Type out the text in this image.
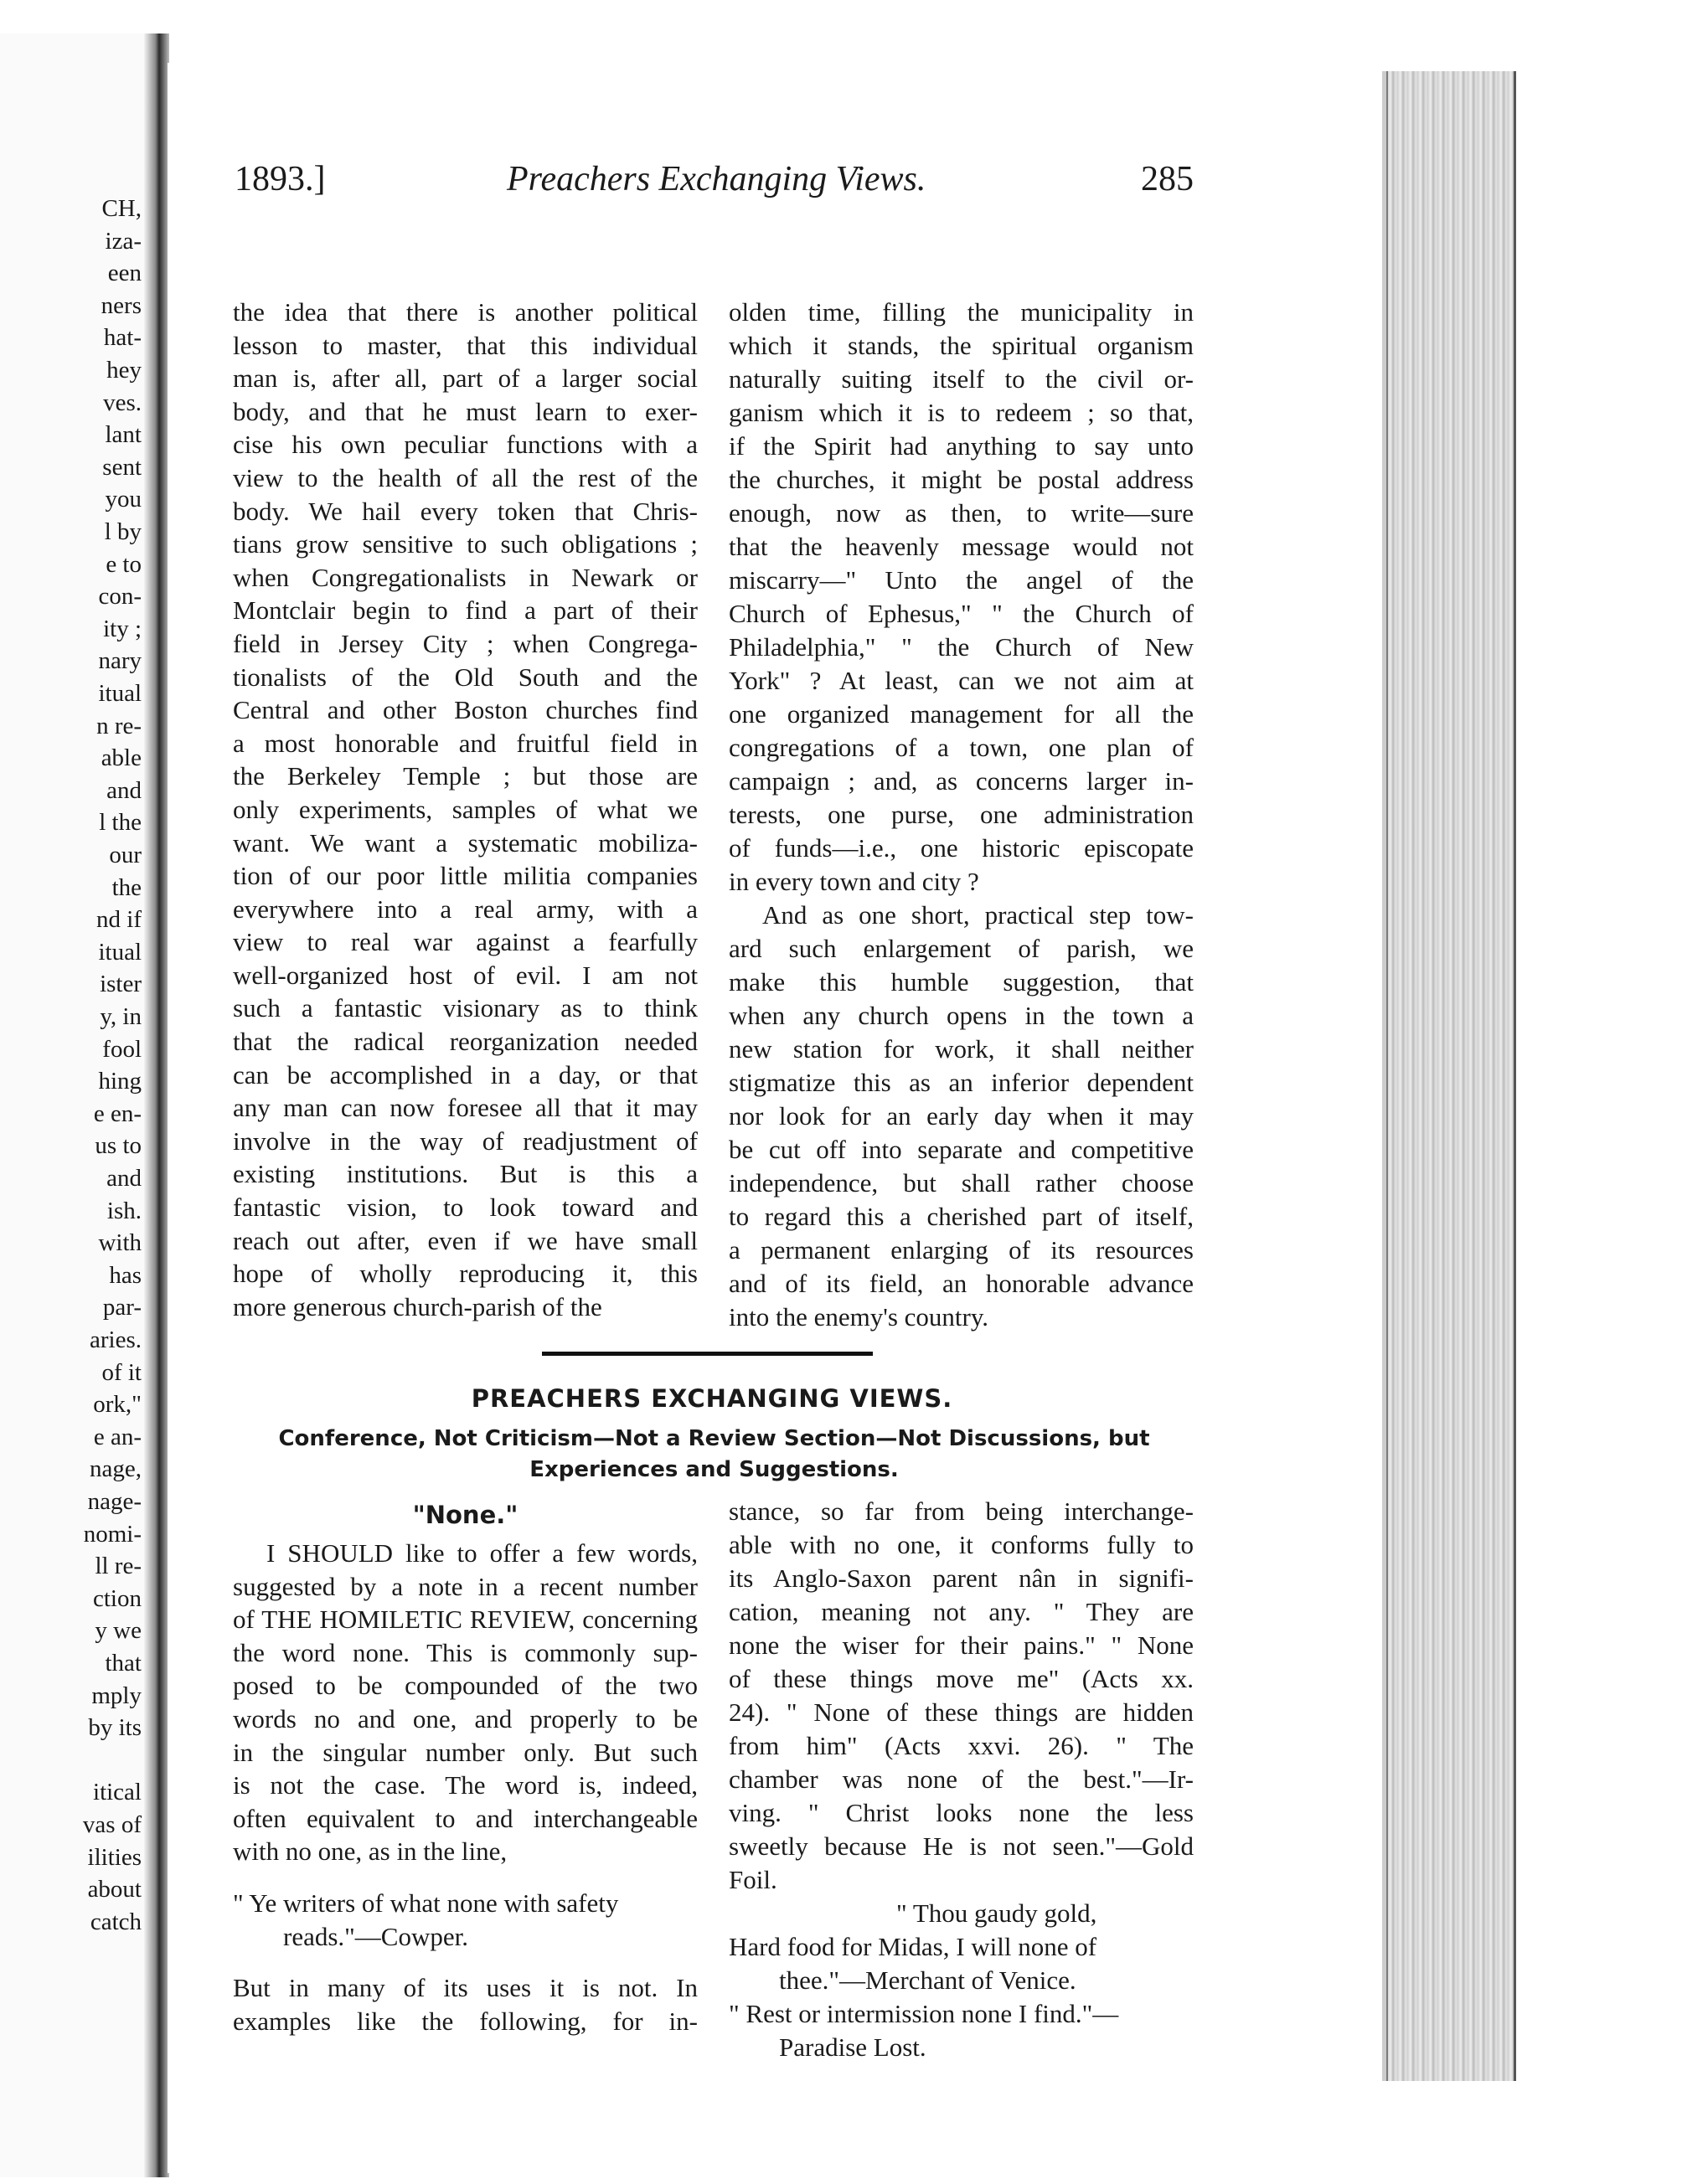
CH,
iza-
een
ners
hat-
hey
ves.
lant
sent
you
l by
e to
con-
ity ;
nary
itual
n re-
able
and
l the
our
the
nd if
itual
ister
y, in
fool
hing
e en-
us to
and
ish.
with
has
par-
aries.
of it
ork,"
e an-
nage,
nage-
nomi-
ll re-
ction
y we
that
mply
by its
itical
vas of
ilities
about
catch
1893.]	Preachers Exchanging Views.	285
the idea that there is another political
lesson to master, that this individual
man is, after all, part of a larger social
body, and that he must learn to exer-
cise his own peculiar functions with a
view to the health of all the rest of the
body. We hail every token that Chris-
tians grow sensitive to such obligations ;
when Congregationalists in Newark or
Montclair begin to find a part of their
field in Jersey City ; when Congrega-
tionalists of the Old South and the
Central and other Boston churches find
a most honorable and fruitful field in
the Berkeley Temple ; but those are
only experiments, samples of what we
want. We want a systematic mobiliza-
tion of our poor little militia companies
everywhere into a real army, with a
view to real war against a fearfully
well-organized host of evil. I am not
such a fantastic visionary as to think
that the radical reorganization needed
can be accomplished in a day, or that
any man can now foresee all that it may
involve in the way of readjustment of
existing institutions. But is this a
fantastic vision, to look toward and
reach out after, even if we have small
hope of wholly reproducing it, this
more generous church-parish of the
olden time, filling the municipality in
which it stands, the spiritual organism
naturally suiting itself to the civil or-
ganism which it is to redeem ; so that,
if the Spirit had anything to say unto
the churches, it might be postal address
enough, now as then, to write—sure
that the heavenly message would not
miscarry—" Unto the angel of the
Church of Ephesus," " the Church of
Philadelphia," " the Church of New
York" ? At least, can we not aim at
one organized management for all the
congregations of a town, one plan of
campaign ; and, as concerns larger in-
terests, one purse, one administration
of funds—i.e., one historic episcopate
in every town and city ?
And as one short, practical step tow-
ard such enlargement of parish, we
make this humble suggestion, that
when any church opens in the town a
new station for work, it shall neither
stigmatize this as an inferior dependent
nor look for an early day when it may
be cut off into separate and competitive
independence, but shall rather choose
to regard this a cherished part of itself,
a permanent enlarging of its resources
and of its field, an honorable advance
into the enemy's country.
PREACHERS EXCHANGING VIEWS.
Conference, Not Criticism—Not a Review Section—Not Discussions, but
Experiences and Suggestions.
"None."
I SHOULD like to offer a few words,
suggested by a note in a recent number
of THE HOMILETIC REVIEW, concerning
the word none. This is commonly sup-
posed to be compounded of the two
words no and one, and properly to be
in the singular number only. But such
is not the case. The word is, indeed,
often equivalent to and interchangeable
with no one, as in the line,
" Ye writers of what none with safety
reads."—Cowper.
But in many of its uses it is not. In
examples like the following, for in-
stance, so far from being interchange-
able with no one, it conforms fully to
its Anglo-Saxon parent nân in signifi-
cation, meaning not any. " They are
none the wiser for their pains." " None
of these things move me" (Acts xx.
24). " None of these things are hidden
from him" (Acts xxvi. 26). " The
chamber was none of the best."—Ir-
ving. " Christ looks none the less
sweetly because He is not seen."—Gold
Foil.
" Thou gaudy gold,
Hard food for Midas, I will none of
thee."—Merchant of Venice.
" Rest or intermission none I find."—
Paradise Lost.
